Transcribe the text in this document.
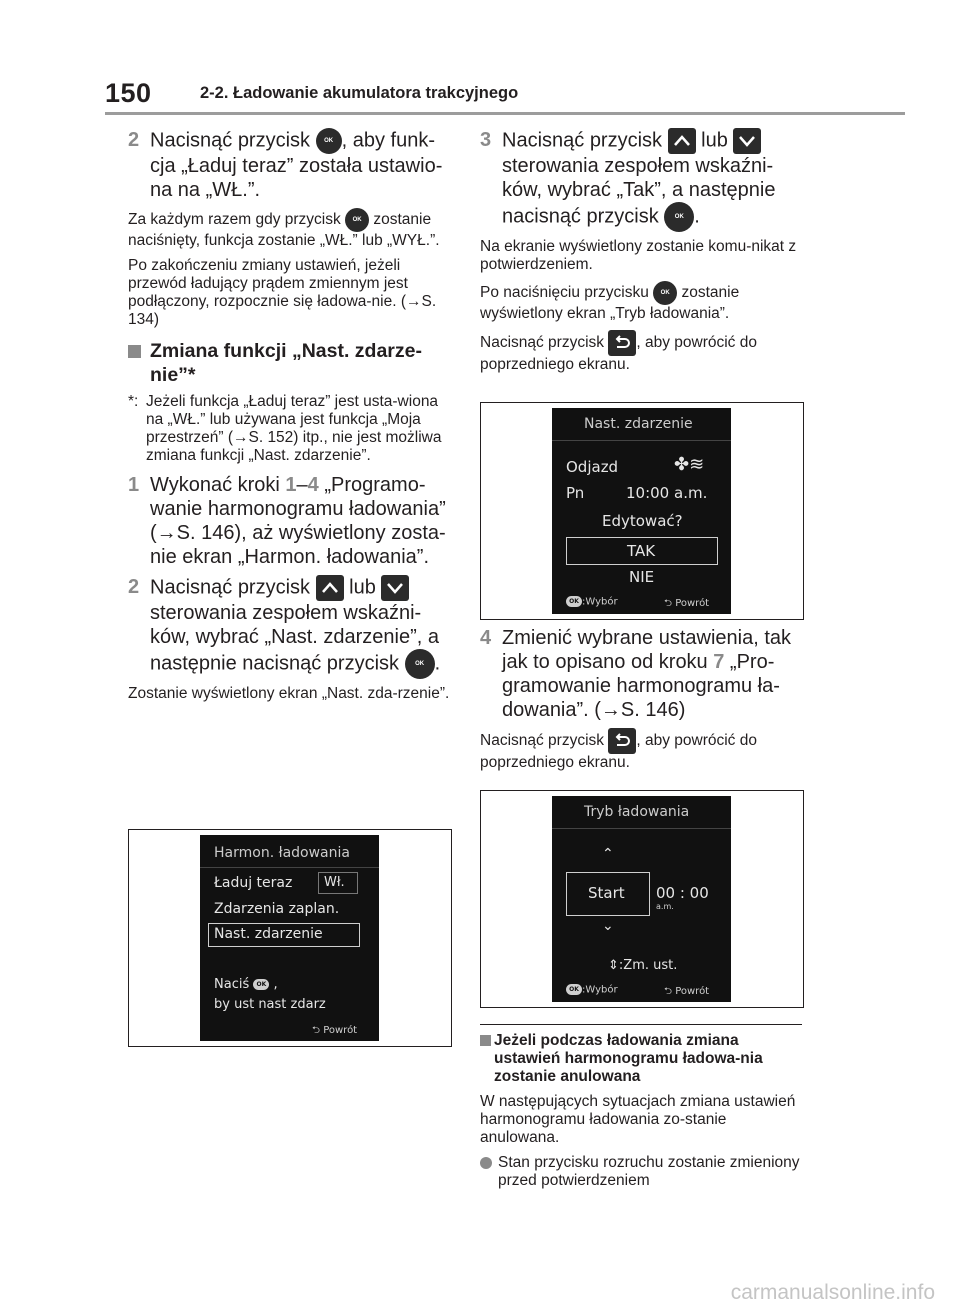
150	2-2. Ładowanie akumulatora trakcyjnego
2 Nacisnąć przycisk OK , aby funk-cja „Ładuj teraz” została ustawio-na na „WŁ.”.
Za każdym razem gdy przycisk OK zostanie naciśnięty, funkcja zostanie „WŁ.” lub „WYŁ.”.
Po zakończeniu zmiany ustawień, jeżeli przewód ładujący prądem zmiennym jest podłączony, rozpocznie się ładowa-nie. (→S. 134)
Zmiana funkcji „Nast. zdarze-nie”*
*: Jeżeli funkcja „Ładuj teraz” jest usta-wiona na „WŁ.” lub używana jest funkcja „Moja przestrzeń” (→S. 152) itp., nie jest możliwa zmiana funkcji „Nast. zdarzenie”.
1 Wykonać kroki 1–4 „Programo-wanie harmonogramu ładowania” (→S. 146), aż wyświetlony zosta-nie ekran „Harmon. ładowania”.
2 Nacisnąć przycisk
lub
sterowania zespołem wskaźni-ków, wybrać „Nast. zdarzenie”, a następnie nacisnąć przycisk OK .
Zostanie wyświetlony ekran „Nast. zda-rzenie”.
Harmon. ładowania
Ładuj teraz Wł.
Zdarzenia zaplan.
Nast. zdarzenie
Naciś OK ,
by ust nast zdarz
⮌ Powrót
3 Nacisnąć przycisk
lub
sterowania zespołem wskaźni-ków, wybrać „Tak”, a następnie nacisnąć przycisk OK .
Na ekranie wyświetlony zostanie komu-nikat z potwierdzeniem.
Po naciśnięciu przycisku OK zostanie wyświetlony ekran „Tryb ładowania”.
Nacisnąć przycisk
, aby powrócić do poprzedniego ekranu.
Nast. zdarzenie
Odjazd	✤≋
Pn	10:00 a.m.
Edytować?
TAK
NIE
OK :Wybór	⮌ Powrót
4 Zmienić wybrane ustawienia, tak jak to opisano od kroku 7 „Pro-gramowanie harmonogramu ła-dowania”. (→S. 146)
Nacisnąć przycisk
, aby powrócić do poprzedniego ekranu.
Tryb ładowania
⌃
Start 00 : 00
a.m.
⌄
⇕:Zm. ust.
OK :Wybór	⮌ Powrót
Jeżeli podczas ładowania zmiana ustawień harmonogramu ładowa-nia zostanie anulowana
W następujących sytuacjach zmiana ustawień harmonogramu ładowania zo-stanie anulowana.
Stan przycisku rozruchu zostanie zmieniony przed potwierdzeniem
carmanualsonline.info
